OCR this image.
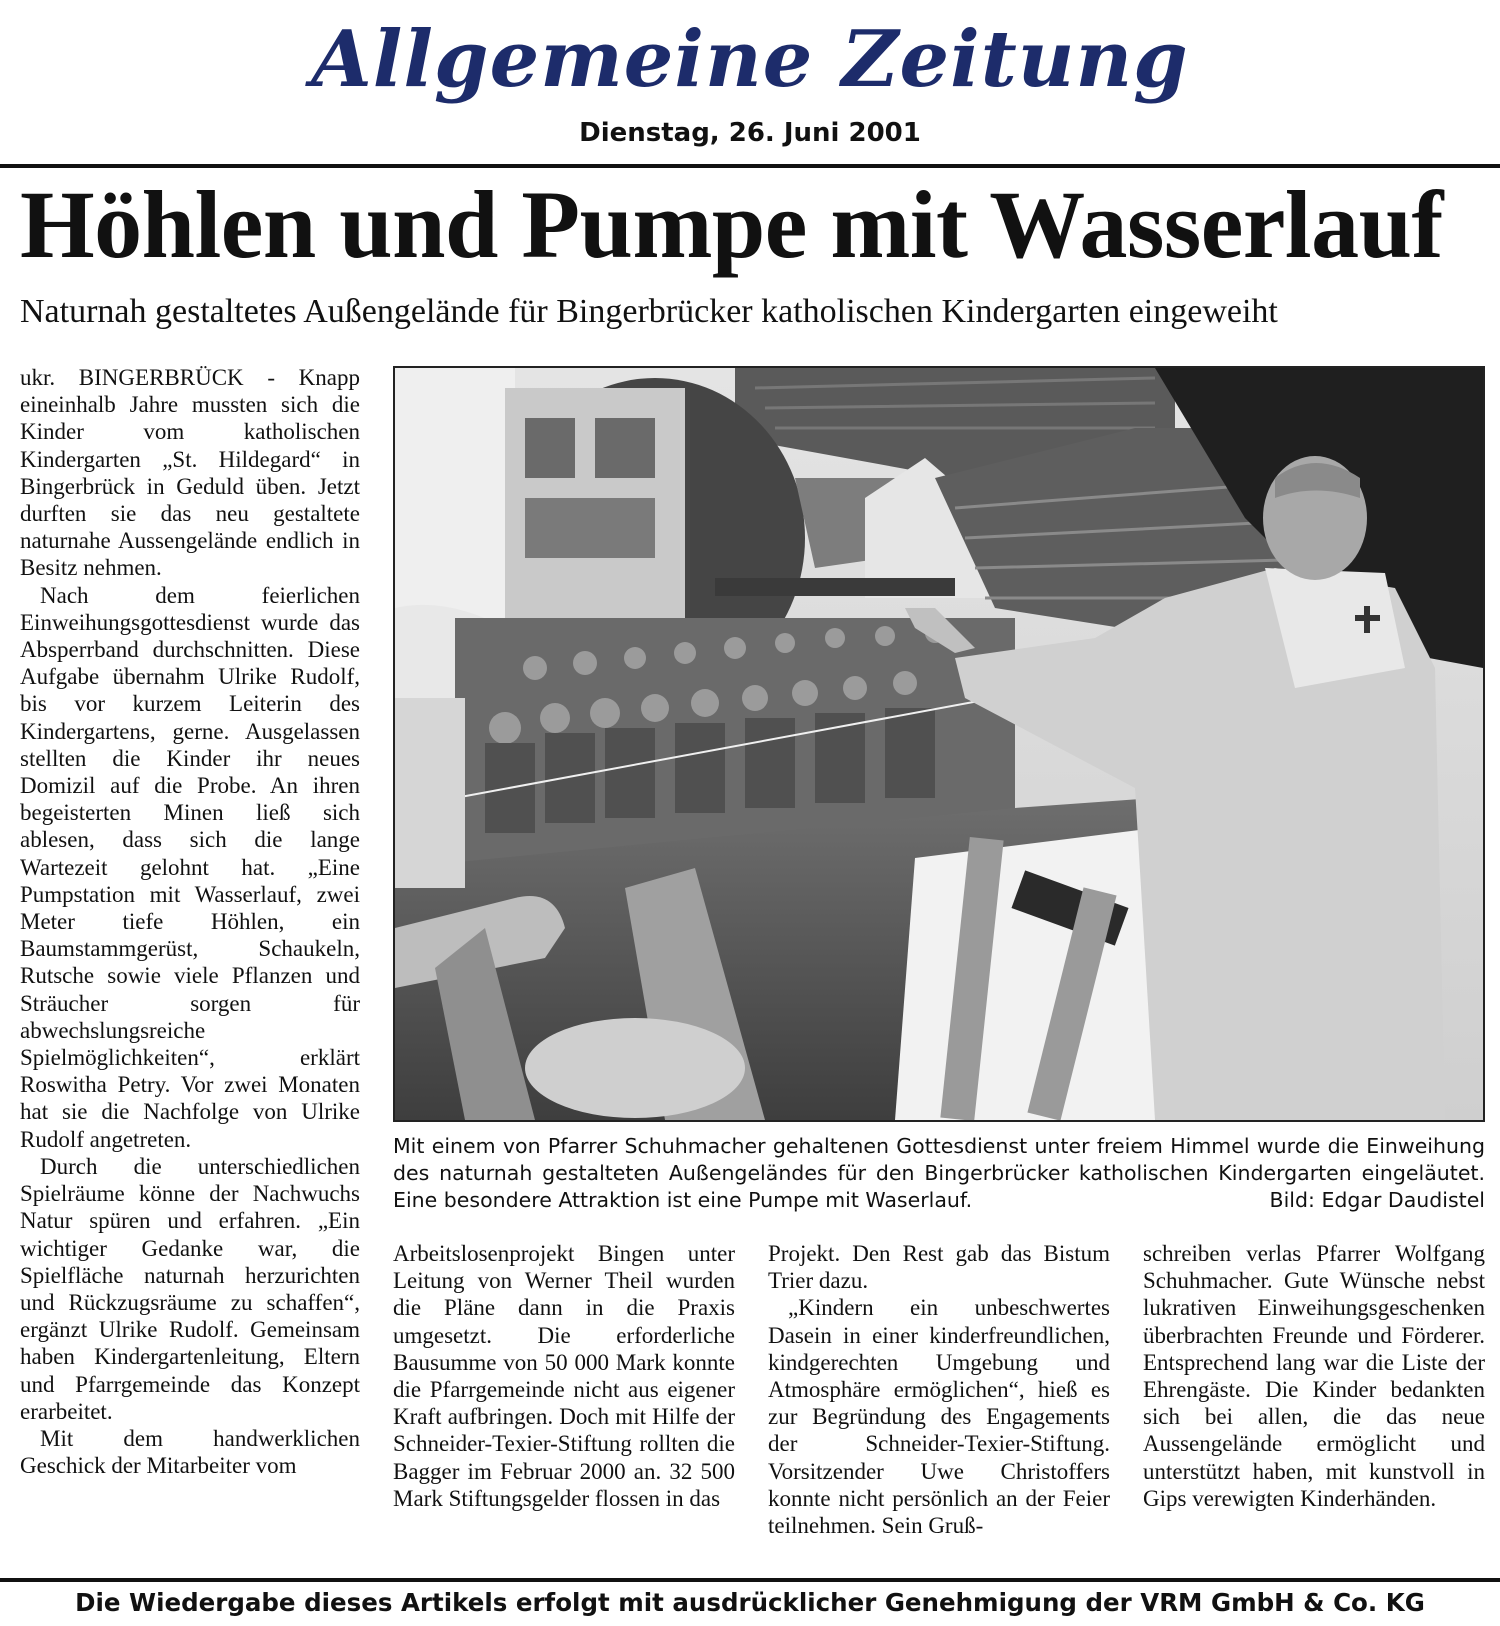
Allgemeine Zeitung
Dienstag, 26. Juni 2001
Höhlen und Pumpe mit Wasserlauf
Naturnah gestaltetes Außengelände für Bingerbrücker katholischen Kindergarten eingeweiht

ukr. BINGERBRÜCK - Knapp eineinhalb Jahre mussten sich die Kinder vom katholischen Kindergarten „St. Hildegard“ in Bingerbrück in Geduld üben. Jetzt durften sie das neu gestaltete naturnahe Aussengelände endlich in Besitz nehmen.

Nach dem feierlichen Einweihungsgottesdienst wurde das Absperrband durchschnitten. Diese Aufgabe übernahm Ulrike Rudolf, bis vor kurzem Leiterin des Kindergartens, gerne. Ausgelassen stellten die Kinder ihr neues Domizil auf die Probe. An ihren begeisterten Minen ließ sich ablesen, dass sich die lange Wartezeit gelohnt hat. „Eine Pumpstation mit Wasserlauf, zwei Meter tiefe Höhlen, ein Baumstammgerüst, Schaukeln, Rutsche sowie viele Pflanzen und Sträucher sorgen für abwechslungsreiche Spielmöglichkeiten“, erklärt Roswitha Petry. Vor zwei Monaten hat sie die Nachfolge von Ulrike Rudolf angetreten.

Durch die unterschiedlichen Spielräume könne der Nachwuchs Natur spüren und erfahren. „Ein wichtiger Gedanke war, die Spielfläche naturnah herzurichten und Rückzugsräume zu schaffen“, ergänzt Ulrike Rudolf. Gemeinsam haben Kindergartenleitung, Eltern und Pfarrgemeinde das Konzept erarbeitet.

Mit dem handwerklichen Geschick der Mitarbeiter vom

Mit einem von Pfarrer Schuhmacher gehaltenen Gottesdienst unter freiem Himmel wurde die Einweihung des naturnah gestalteten Außengeländes für den Bingerbrücker katholischen Kindergarten eingeläutet. Eine besondere Attraktion ist eine Pumpe mit Waserlauf.	Bild: Edgar Daudistel

Arbeitslosenprojekt Bingen unter Leitung von Werner Theil wurden die Pläne dann in die Praxis umgesetzt. Die erforderliche Bausumme von 50 000 Mark konnte die Pfarrgemeinde nicht aus eigener Kraft aufbringen. Doch mit Hilfe der Schneider-Texier-Stiftung rollten die Bagger im Februar 2000 an. 32 500 Mark Stiftungsgelder flossen in das

Projekt. Den Rest gab das Bistum Trier dazu.

„Kindern ein unbeschwertes Dasein in einer kinderfreundlichen, kindgerechten Umgebung und Atmosphäre ermöglichen“, hieß es zur Begründung des Engagements der Schneider-Texier-Stiftung. Vorsitzender Uwe Christoffers konnte nicht persönlich an der Feier teilnehmen. Sein Gruß-

schreiben verlas Pfarrer Wolfgang Schuhmacher. Gute Wünsche nebst lukrativen Einweihungsgeschenken überbrachten Freunde und Förderer. Entsprechend lang war die Liste der Ehrengäste. Die Kinder bedankten sich bei allen, die das neue Aussengelände ermöglicht und unterstützt haben, mit kunstvoll in Gips verewigten Kinderhänden.

Die Wiedergabe dieses Artikels erfolgt mit ausdrücklicher Genehmigung der VRM GmbH & Co. KG
